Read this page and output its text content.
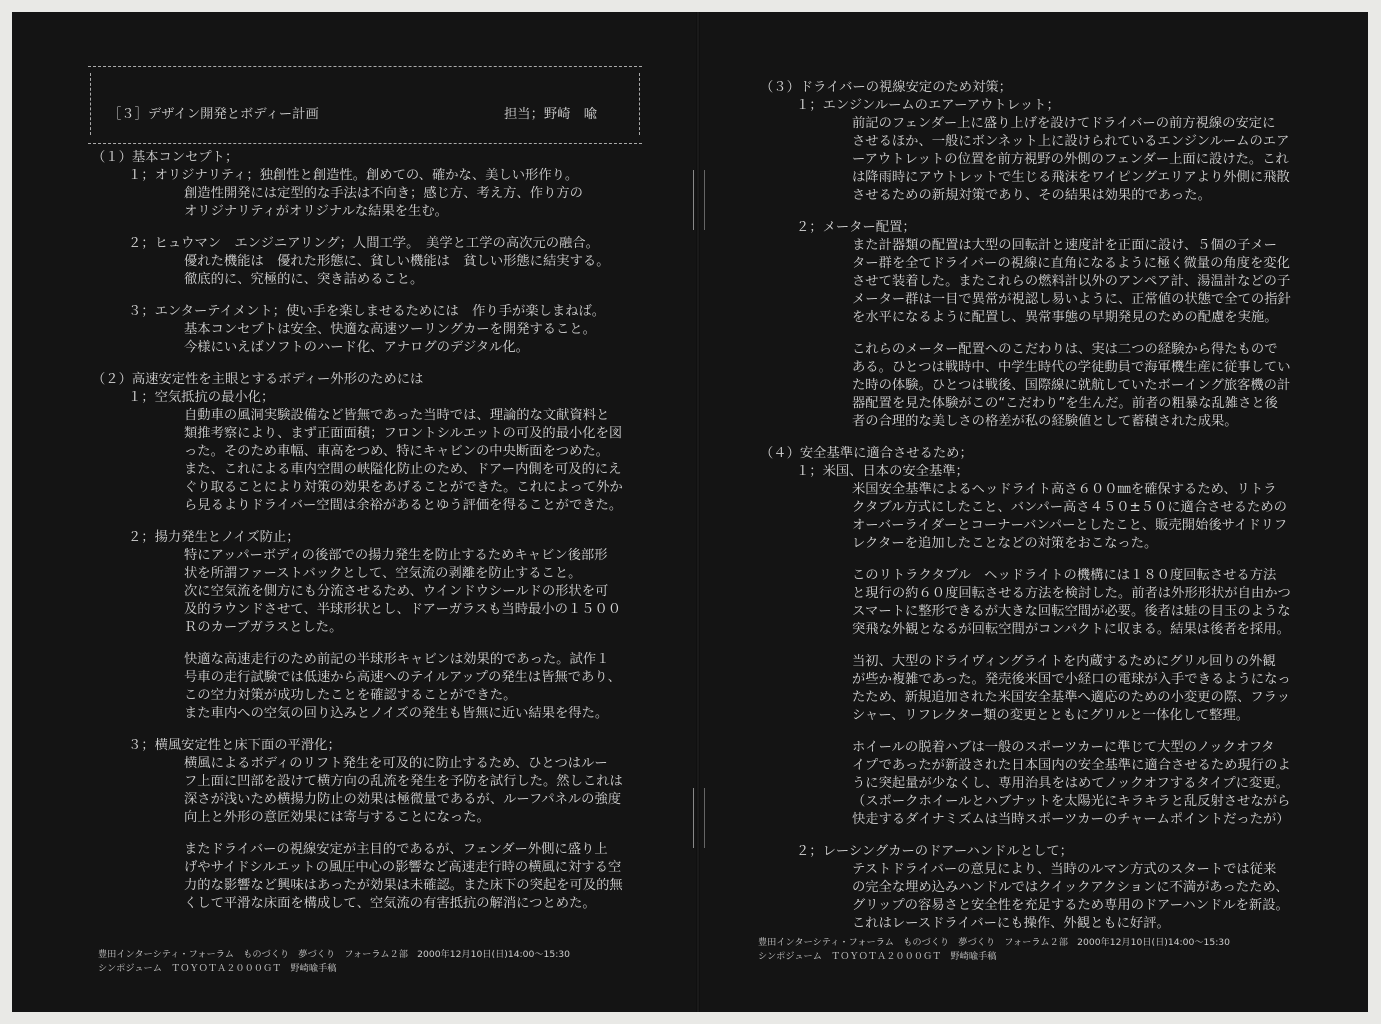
［３］デザイン開発とボディー計画	担当；野崎　喩
（１）基本コンセプト；
１；オリジナリティ；独創性と創造性。創めての、確かな、美しい形作り。
創造性開発には定型的な手法は不向き；感じ方、考え方、作り方の
オリジナリティがオリジナルな結果を生む。
２；ヒュウマン　エンジニアリング；人間工学。　美学と工学の高次元の融合。
優れた機能は　優れた形態に、貧しい機能は　貧しい形態に結実する。
徹底的に、究極的に、突き詰めること。
３；エンターテイメント；使い手を楽しませるためには　作り手が楽しまねば。
基本コンセプトは安全、快適な高速ツーリングカーを開発すること。
今様にいえばソフトのハード化、アナログのデジタル化。
（２）高速安定性を主眼とするボディー外形のためには
１；空気抵抗の最小化；
自動車の風洞実験設備など皆無であった当時では、理論的な文献資料と
類推考察により、まず正面面積；フロントシルエットの可及的最小化を図
った。そのため車幅、車高をつめ、特にキャビンの中央断面をつめた。
また、これによる車内空間の峡隘化防止のため、ドアー内側を可及的にえ
ぐり取ることにより対策の効果をあげることができた。これによって外か
ら見るよりドライバー空間は余裕があるとゆう評価を得ることができた。
２；揚力発生とノイズ防止；
特にアッパーボディの後部での揚力発生を防止するためキャビン後部形
状を所謂ファーストバックとして、空気流の剥離を防止すること。
次に空気流を側方にも分流させるため、ウインドウシールドの形状を可
及的ラウンドさせて、半球形状とし、ドアーガラスも当時最小の１５００
Ｒのカーブガラスとした。
快適な高速走行のため前記の半球形キャビンは効果的であった。試作１
号車の走行試験では低速から高速へのテイルアップの発生は皆無であり、
この空力対策が成功したことを確認することができた。
また車内への空気の回り込みとノイズの発生も皆無に近い結果を得た。
３；横風安定性と床下面の平滑化；
横風によるボディのリフト発生を可及的に防止するため、ひとつはルー
フ上面に凹部を設けて横方向の乱流を発生を予防を試行した。然しこれは
深さが浅いため横揚力防止の効果は極微量であるが、ルーフパネルの強度
向上と外形の意匠効果には寄与することになった。
またドライバーの視線安定が主目的であるが、フェンダー外側に盛り上
げやサイドシルエットの風圧中心の影響など高速走行時の横風に対する空
力的な影響など興味はあったが効果は未確認。また床下の突起を可及的無
くして平滑な床面を構成して、空気流の有害抵抗の解消につとめた。
豊田インターシティ・フォーラム　ものづくり　夢づくり　フォーラム２部　2000年12月10日(日)14:00〜15:30
シンポジューム　ＴＯＹＯＴＡ２０００ＧＴ　野崎喩手稿
（３）ドライバーの視線安定のため対策；
１；エンジンルームのエアーアウトレット；
前記のフェンダー上に盛り上げを設けてドライバーの前方視線の安定に
させるほか、一般にボンネット上に設けられているエンジンルームのエア
ーアウトレットの位置を前方視野の外側のフェンダー上面に設けた。これ
は降雨時にアウトレットで生じる飛沫をワイピングエリアより外側に飛散
させるための新規対策であり、その結果は効果的であった。
２；メーター配置；
また計器類の配置は大型の回転計と速度計を正面に設け、５個の子メー
ター群を全てドライバーの視線に直角になるように極く微量の角度を変化
させて装着した。またこれらの燃料計以外のアンペア計、湯温計などの子
メーター群は一目で異常が視認し易いように、正常値の状態で全ての指針
を水平になるように配置し、異常事態の早期発見のための配慮を実施。
これらのメーター配置へのこだわりは、実は二つの経験から得たもので
ある。ひとつは戦時中、中学生時代の学徒動員で海軍機生産に従事してい
た時の体験。ひとつは戦後、国際線に就航していたボーイング旅客機の計
器配置を見た体験がこの“こだわり”を生んだ。前者の粗暴な乱雑さと後
者の合理的な美しさの格差が私の経験値として蓄積された成果。
（４）安全基準に適合させるため；
１；米国、日本の安全基準；
米国安全基準によるヘッドライト高さ６００㎜を確保するため、リトラ
クタブル方式にしたこと、バンパー高さ４５０±５０に適合させるための
オーバーライダーとコーナーバンパーとしたこと、販売開始後サイドリフ
レクターを追加したことなどの対策をおこなった。
このリトラクタブル　ヘッドライトの機構には１８０度回転させる方法
と現行の約６０度回転させる方法を検討した。前者は外形形状が自由かつ
スマートに整形できるが大きな回転空間が必要。後者は蛙の目玉のような
突飛な外観となるが回転空間がコンパクトに収まる。結果は後者を採用。
当初、大型のドライヴィングライトを内蔵するためにグリル回りの外観
が些か複雑であった。発売後米国で小経口の電球が入手できるようになっ
たため、新規追加された米国安全基準へ適応のための小変更の際、フラッ
シャー、リフレクター類の変更とともにグリルと一体化して整理。
ホイールの脱着ハブは一般のスポーツカーに準じて大型のノックオフタ
イプであったが新設された日本国内の安全基準に適合させるため現行のよ
うに突起量が少なくし、専用治具をはめてノックオフするタイプに変更。
（スポークホイールとハブナットを太陽光にキラキラと乱反射させながら
快走するダイナミズムは当時スポーツカーのチャームポイントだったが）
２；レーシングカーのドアーハンドルとして；
テストドライバーの意見により、当時のルマン方式のスタートでは従来
の完全な埋め込みハンドルではクイックアクションに不満があったため、
グリップの容易さと安全性を充足するため専用のドアーハンドルを新設。
これはレースドライバーにも操作、外観ともに好評。
豊田インターシティ・フォーラム　ものづくり　夢づくり　フォーラム２部　2000年12月10日(日)14:00〜15:30
シンポジューム　ＴＯＹＯＴＡ２０００ＧＴ　野崎喩手稿
